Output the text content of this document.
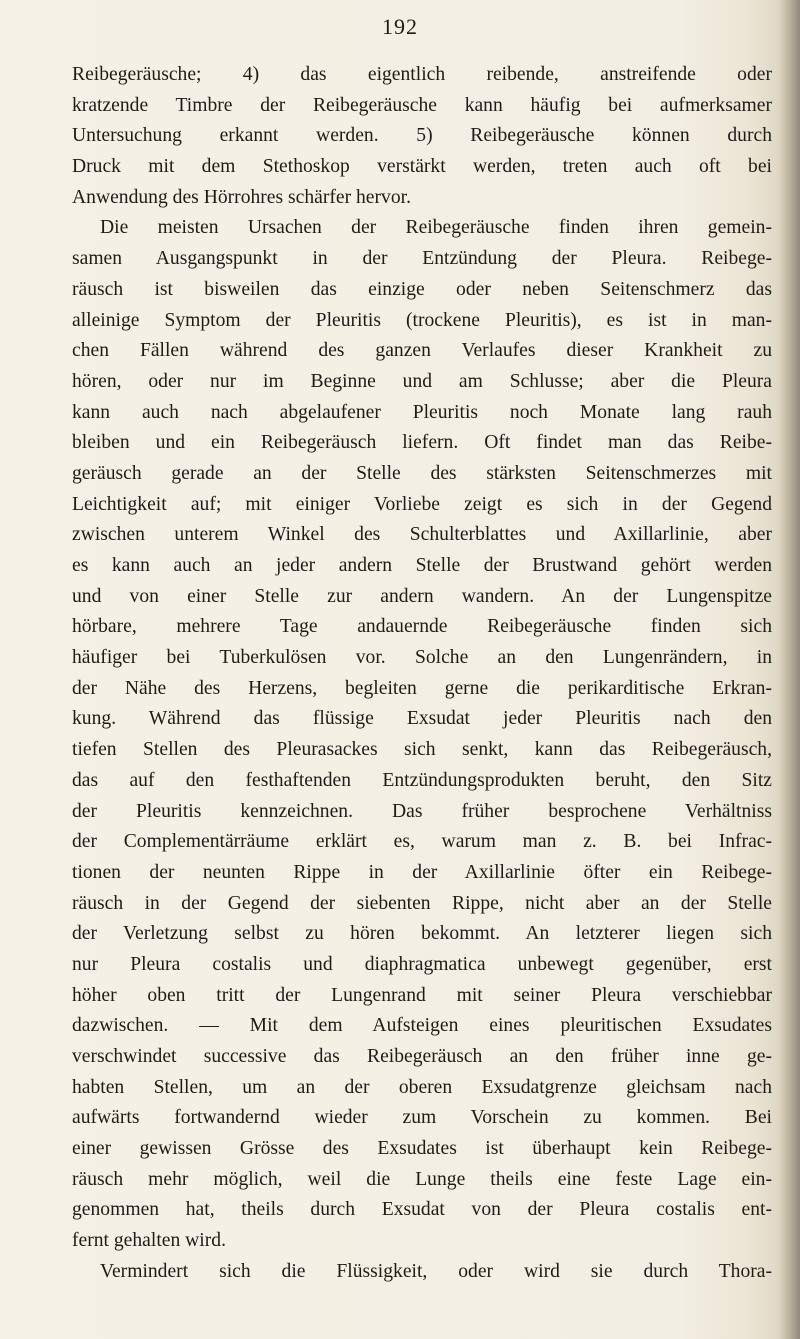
192
Reibegeräusche; 4) das eigentlich reibende, anstreifende oder
kratzende Timbre der Reibegeräusche kann häufig bei aufmerksamer
Untersuchung erkannt werden. 5) Reibegeräusche können durch
Druck mit dem Stethoskop verstärkt werden, treten auch oft bei
Anwendung des Hörrohres schärfer hervor.
Die meisten Ursachen der Reibegeräusche finden ihren gemein-
samen Ausgangspunkt in der Entzündung der Pleura. Reibege-
räusch ist bisweilen das einzige oder neben Seitenschmerz das
alleinige Symptom der Pleuritis (trockene Pleuritis), es ist in man-
chen Fällen während des ganzen Verlaufes dieser Krankheit zu
hören, oder nur im Beginne und am Schlusse; aber die Pleura
kann auch nach abgelaufener Pleuritis noch Monate lang rauh
bleiben und ein Reibegeräusch liefern. Oft findet man das Reibe-
geräusch gerade an der Stelle des stärksten Seitenschmerzes mit
Leichtigkeit auf; mit einiger Vorliebe zeigt es sich in der Gegend
zwischen unterem Winkel des Schulterblattes und Axillarlinie, aber
es kann auch an jeder andern Stelle der Brustwand gehört werden
und von einer Stelle zur andern wandern. An der Lungenspitze
hörbare, mehrere Tage andauernde Reibegeräusche finden sich
häufiger bei Tuberkulösen vor. Solche an den Lungenrändern, in
der Nähe des Herzens, begleiten gerne die perikarditische Erkran-
kung. Während das flüssige Exsudat jeder Pleuritis nach den
tiefen Stellen des Pleurasackes sich senkt, kann das Reibegeräusch,
das auf den festhaftenden Entzündungsprodukten beruht, den Sitz
der Pleuritis kennzeichnen. Das früher besprochene Verhältniss
der Complementärräume erklärt es, warum man z. B. bei Infrac-
tionen der neunten Rippe in der Axillarlinie öfter ein Reibege-
räusch in der Gegend der siebenten Rippe, nicht aber an der Stelle
der Verletzung selbst zu hören bekommt. An letzterer liegen sich
nur Pleura costalis und diaphragmatica unbewegt gegenüber, erst
höher oben tritt der Lungenrand mit seiner Pleura verschiebbar
dazwischen. — Mit dem Aufsteigen eines pleuritischen Exsudates
verschwindet successive das Reibegeräusch an den früher inne ge-
habten Stellen, um an der oberen Exsudatgrenze gleichsam nach
aufwärts fortwandernd wieder zum Vorschein zu kommen. Bei
einer gewissen Grösse des Exsudates ist überhaupt kein Reibege-
räusch mehr möglich, weil die Lunge theils eine feste Lage ein-
genommen hat, theils durch Exsudat von der Pleura costalis ent-
fernt gehalten wird.
Vermindert sich die Flüssigkeit, oder wird sie durch Thora-
